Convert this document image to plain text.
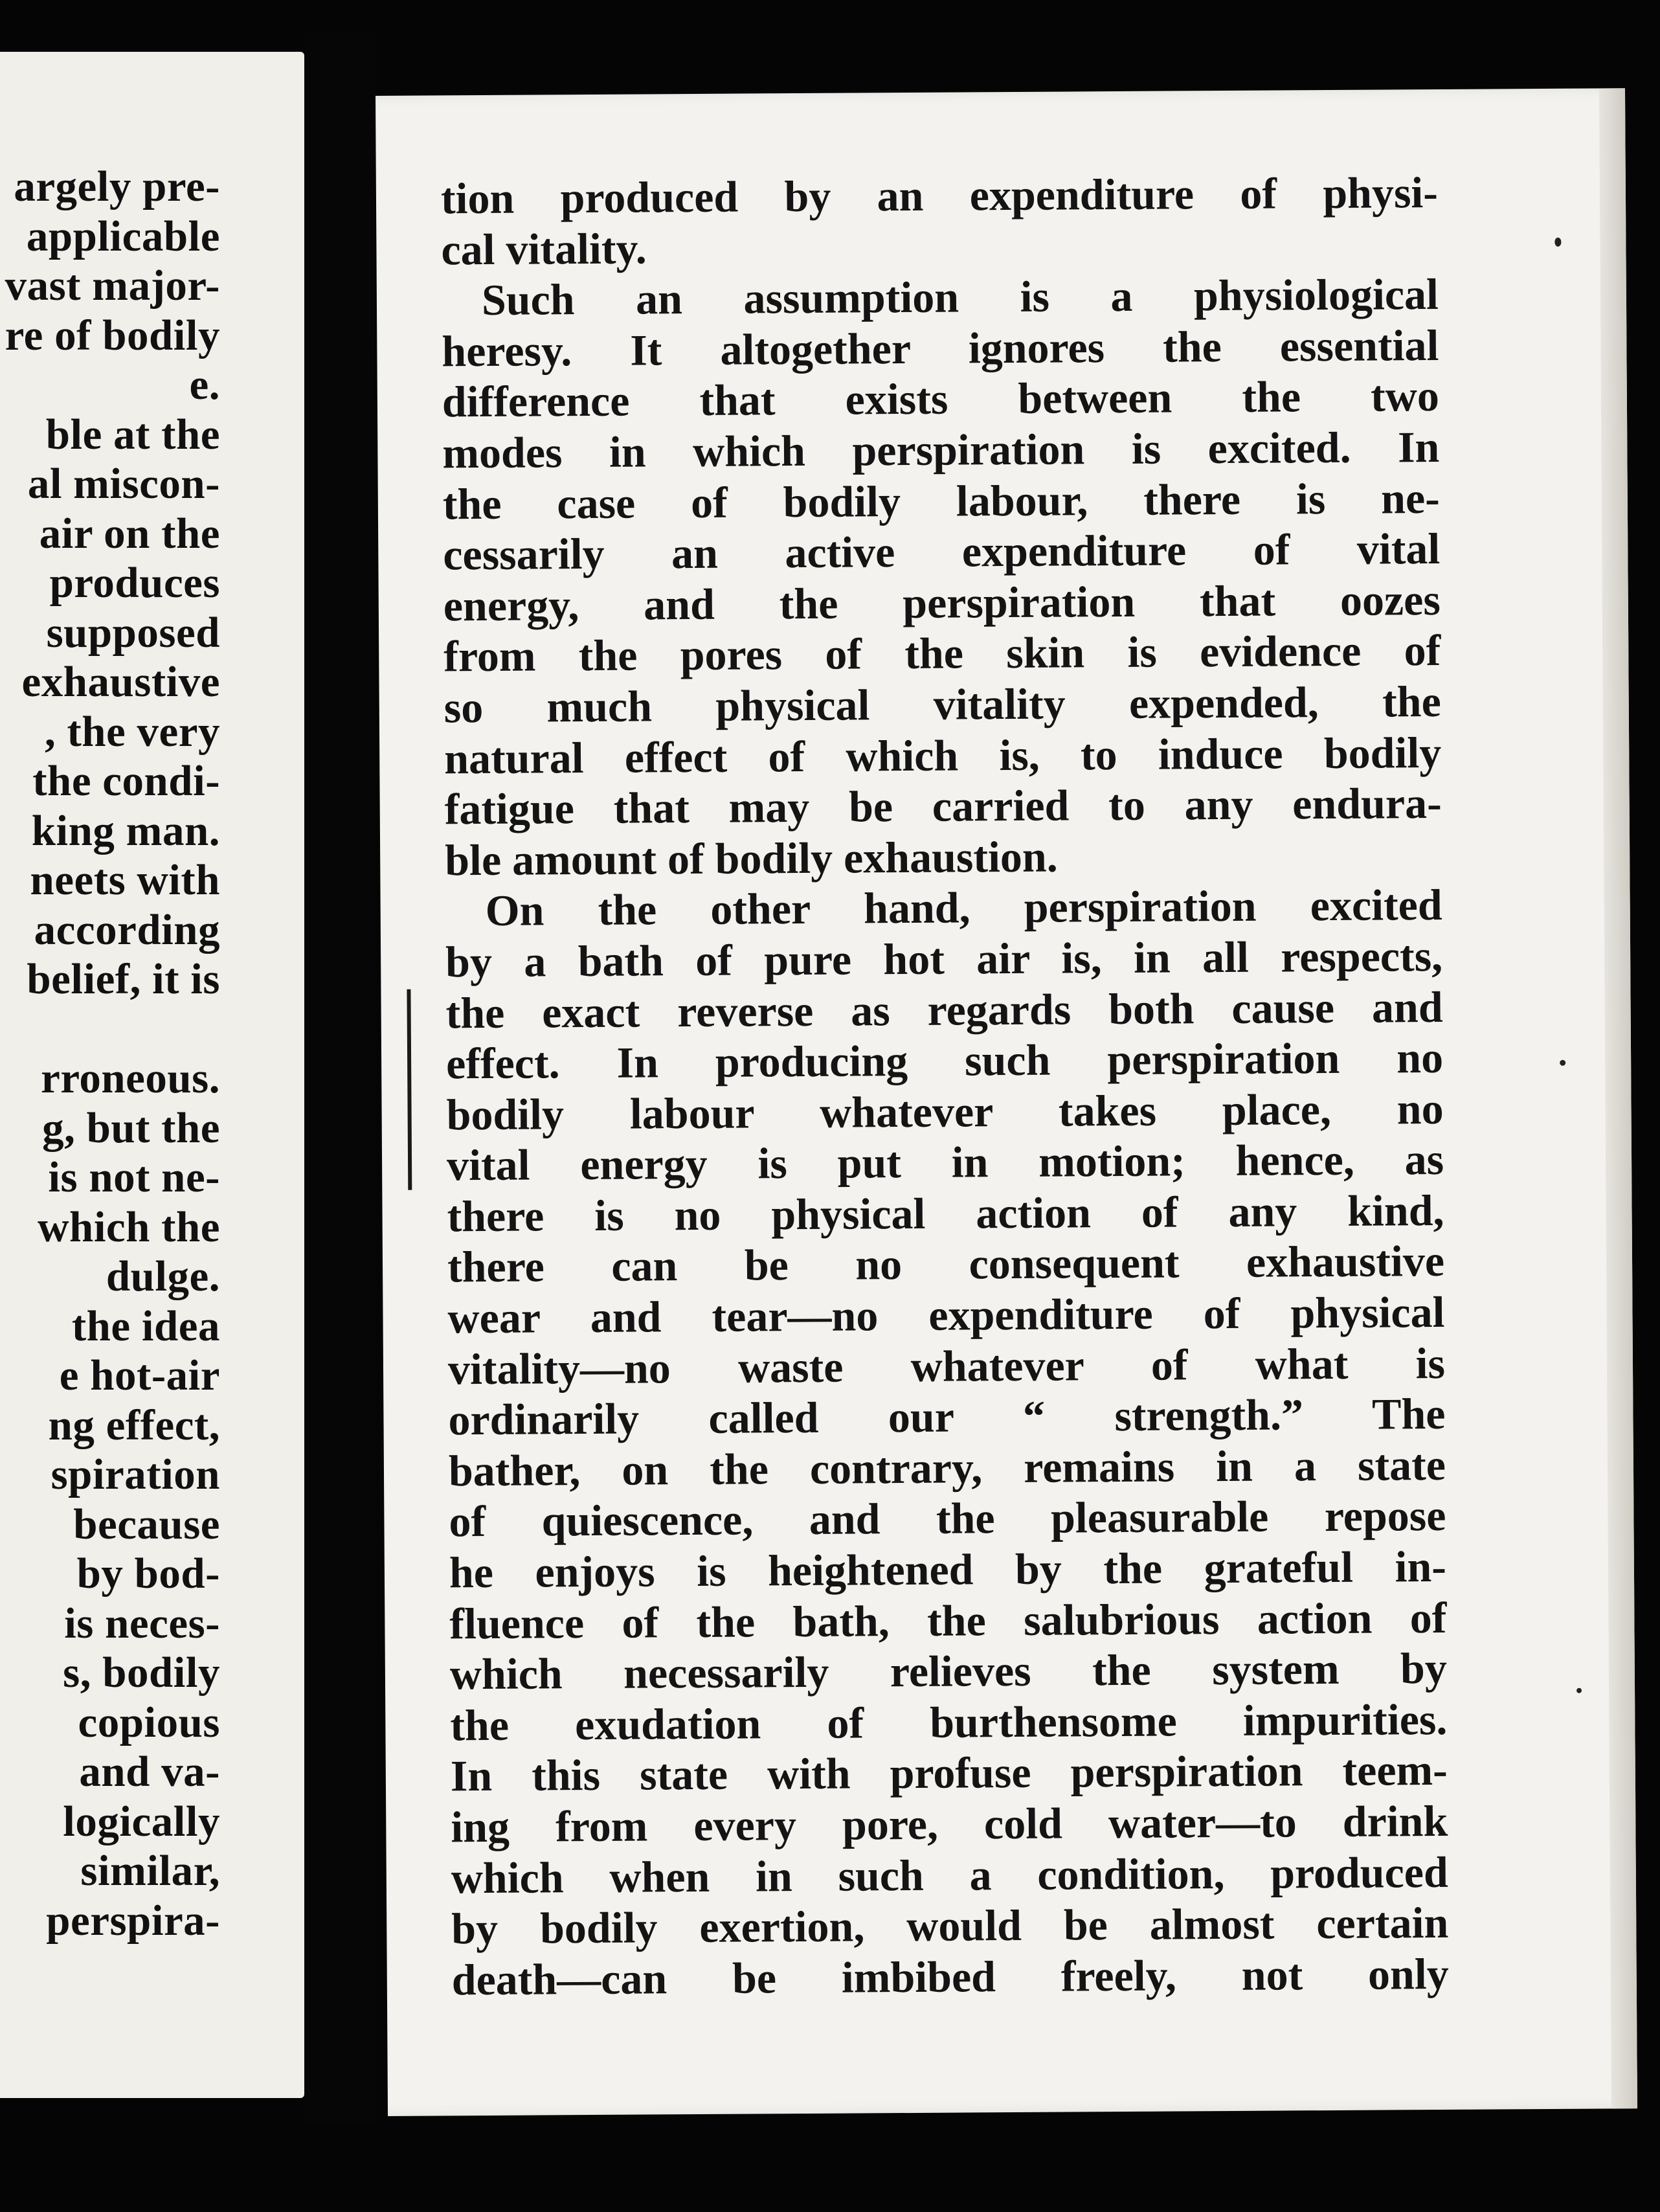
argely pre-
applicable
vast major-
re of bodily
e.
ble at the
al miscon-
air on the
produces
supposed
exhaustive
, the very
the condi-
king man.
neets with
according
belief, it is
rroneous.
g, but the
is not ne-
which the
dulge.
the idea
e hot-air
ng effect,
spiration
because
by bod-
is neces-
s, bodily
copious
and va-
logically
similar,
perspira-
tion produced by an expenditure of physi-
cal vitality.
Such an assumption is a physiological
heresy. It altogether ignores the essential
difference that exists between the two
modes in which perspiration is excited. In
the case of bodily labour, there is ne-
cessarily an active expenditure of vital
energy, and the perspiration that oozes
from the pores of the skin is evidence of
so much physical vitality expended, the
natural effect of which is, to induce bodily
fatigue that may be carried to any endura-
ble amount of bodily exhaustion.
On the other hand, perspiration excited
by a bath of pure hot air is, in all respects,
the exact reverse as regards both cause and
effect. In producing such perspiration no
bodily labour whatever takes place, no
vital energy is put in motion; hence, as
there is no physical action of any kind,
there can be no consequent exhaustive
wear and tear—no expenditure of physical
vitality—no waste whatever of what is
ordinarily called our “ strength.” The
bather, on the contrary, remains in a state
of quiescence, and the pleasurable repose
he enjoys is heightened by the grateful in-
fluence of the bath, the salubrious action of
which necessarily relieves the system by
the exudation of burthensome impurities.
In this state with profuse perspiration teem-
ing from every pore, cold water—to drink
which when in such a condition, produced
by bodily exertion, would be almost certain
death—can be imbibed freely, not only
